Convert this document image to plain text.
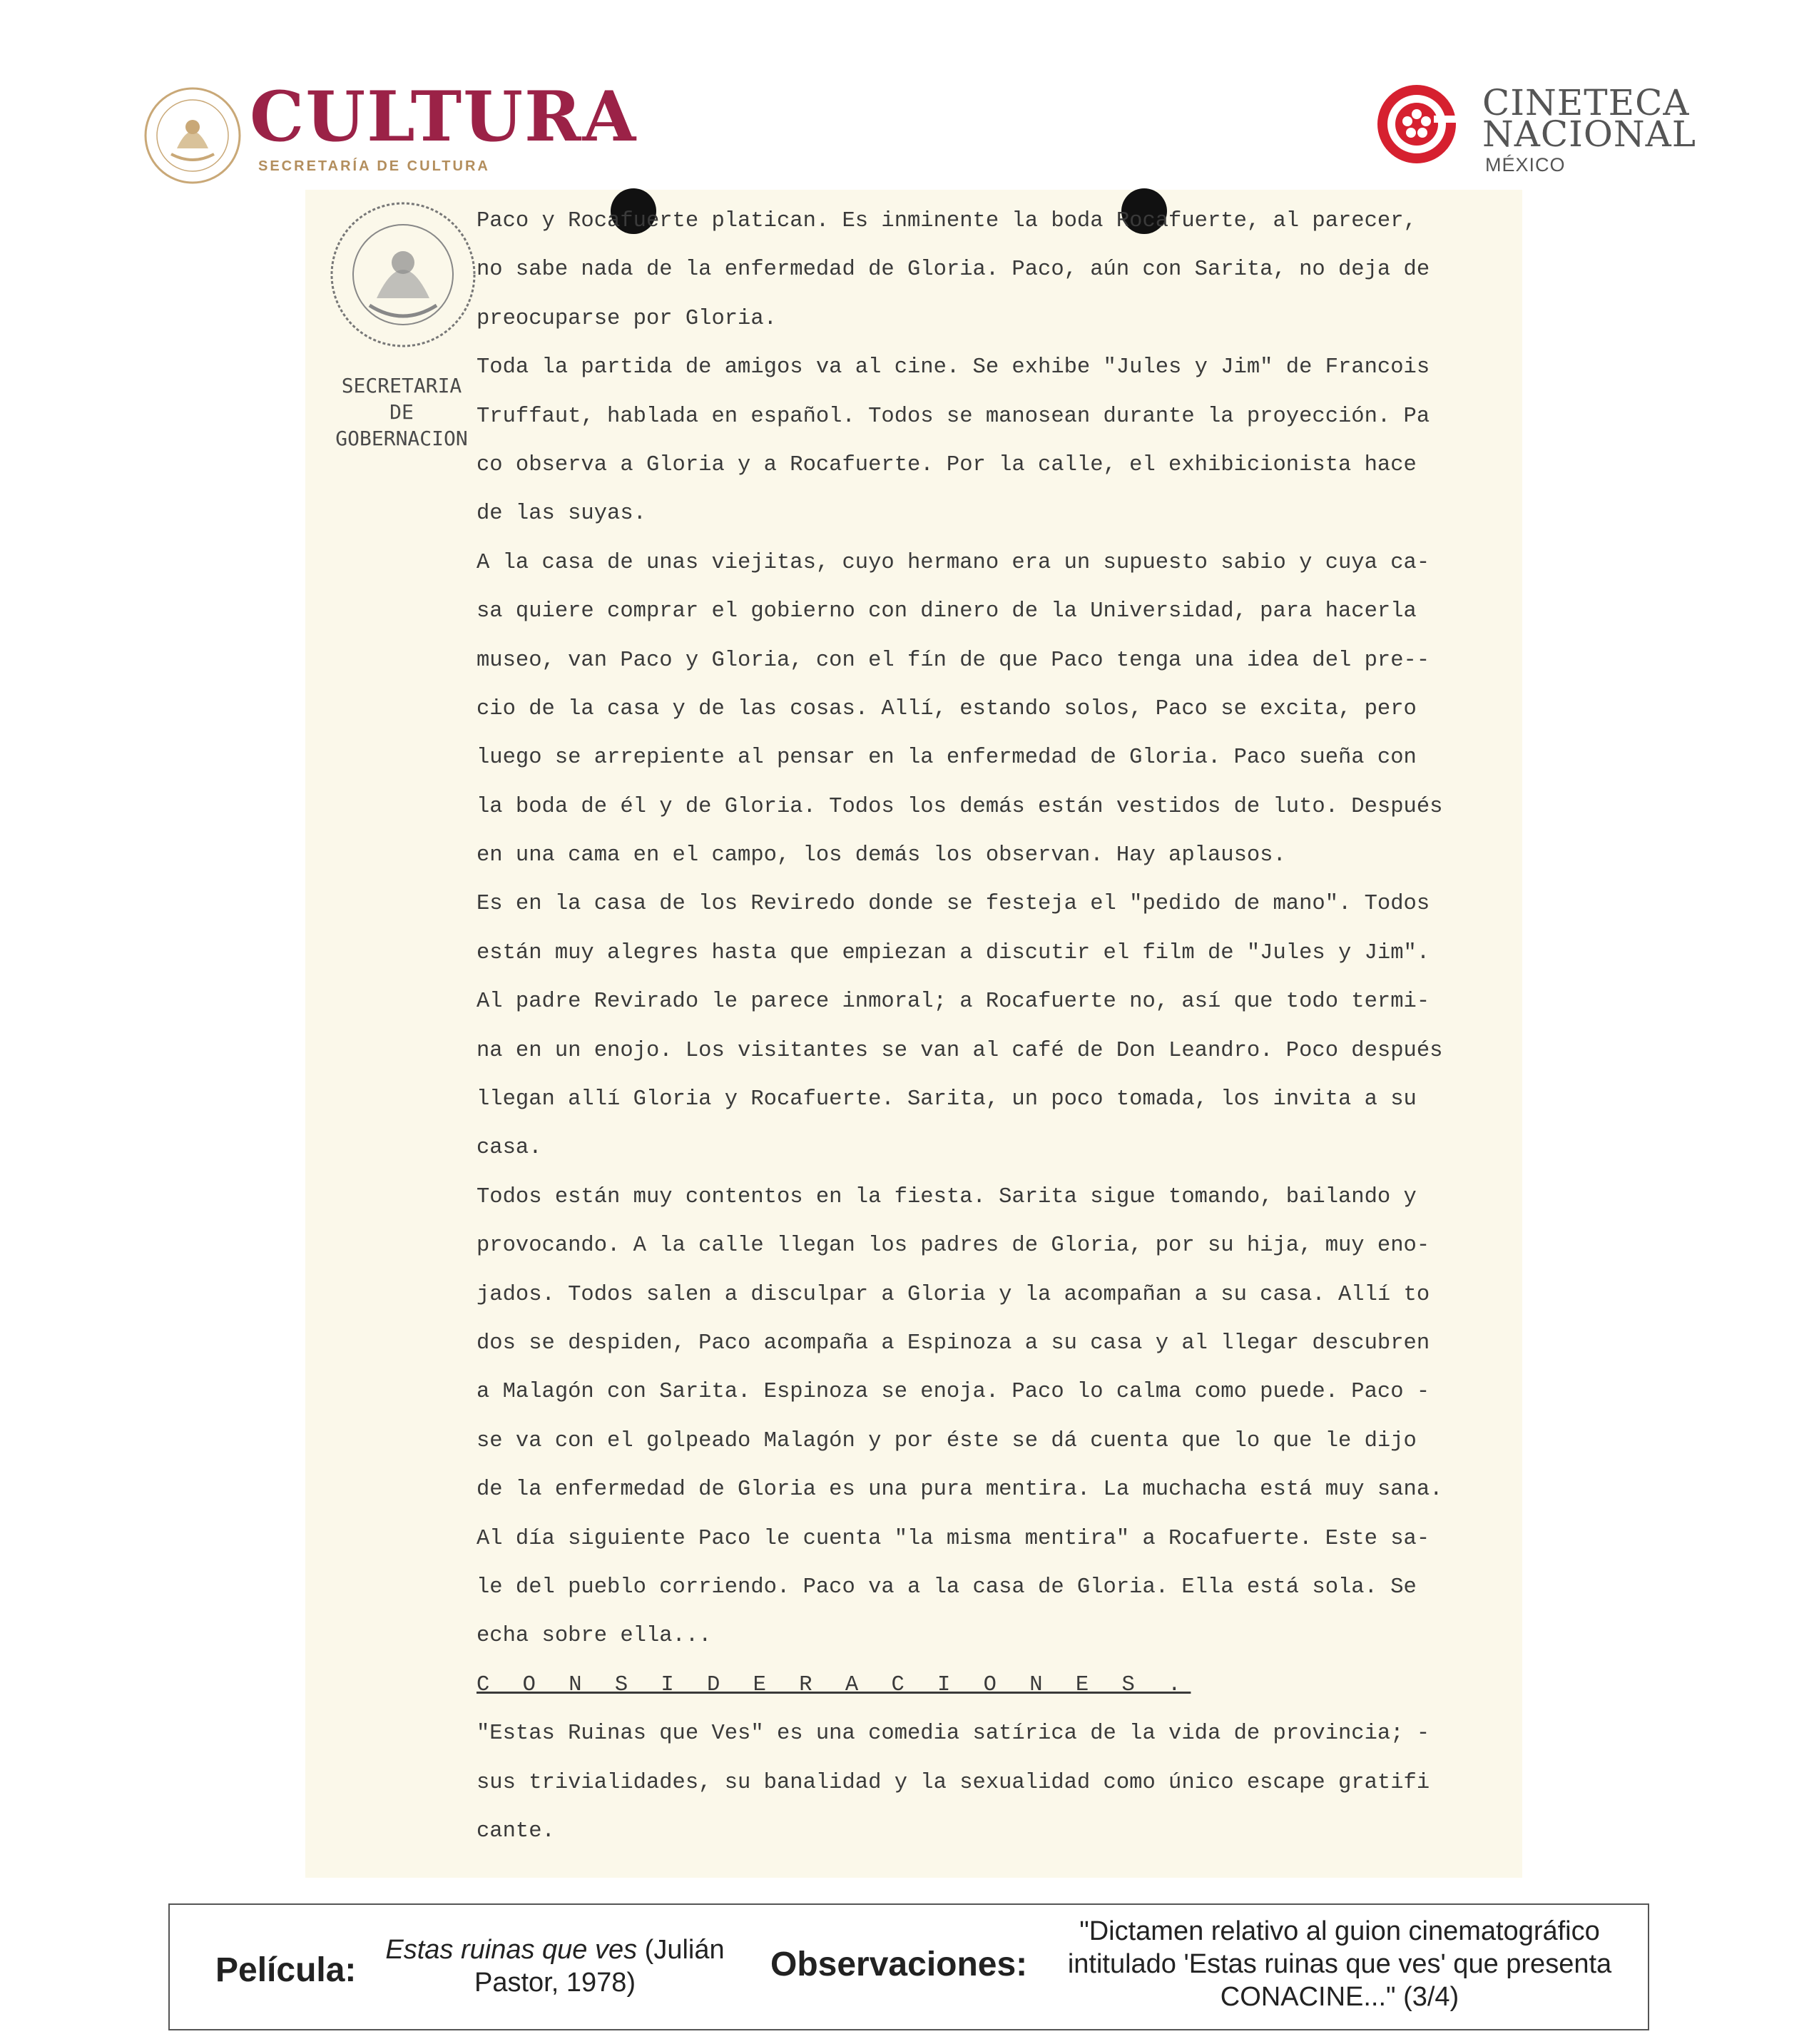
CULTURA
SECRETARÍA DE CULTURA
CINETECA
NACIONAL
MÉXICO
SECRETARIA
DE
GOBERNACION
Paco y Rocafuerte platican. Es inminente la boda Rocafuerte, al parecer,
no sabe nada de la enfermedad de Gloria. Paco, aún con Sarita, no deja de
preocuparse por Gloria.
Toda la partida de amigos va al cine. Se exhibe "Jules y Jim" de Francois
Truffaut, hablada en español. Todos se manosean durante la proyección. Pa
co observa a Gloria y a Rocafuerte. Por la calle, el exhibicionista hace
de las suyas.
A la casa de unas viejitas, cuyo hermano era un supuesto sabio y cuya ca-
sa quiere comprar el gobierno con dinero de la Universidad, para hacerla
museo, van Paco y Gloria, con el fín de que Paco tenga una idea del pre--
cio de la casa y de las cosas. Allí, estando solos, Paco se excita, pero
luego se arrepiente al pensar en la enfermedad de Gloria. Paco sueña con
la boda de él y de Gloria. Todos los demás están vestidos de luto. Después
en una cama en el campo, los demás los observan. Hay aplausos.
Es en la casa de los Reviredo donde se festeja el "pedido de mano". Todos
están muy alegres hasta que empiezan a discutir el film de "Jules y Jim".
Al padre Revirado le parece inmoral; a Rocafuerte no, así que todo termi-
na en un enojo. Los visitantes se van al café de Don Leandro. Poco después
llegan allí Gloria y Rocafuerte. Sarita, un poco tomada, los invita a su
casa.
Todos están muy contentos en la fiesta. Sarita sigue tomando, bailando y
provocando. A la calle llegan los padres de Gloria, por su hija, muy eno-
jados. Todos salen a disculpar a Gloria y la acompañan a su casa. Allí to
dos se despiden, Paco acompaña a Espinoza a su casa y al llegar descubren
a Malagón con Sarita. Espinoza se enoja. Paco lo calma como puede. Paco -
se va con el golpeado Malagón y por éste se dá cuenta que lo que le dijo
de la enfermedad de Gloria es una pura mentira. La muchacha está muy sana.
Al día siguiente Paco le cuenta "la misma mentira" a Rocafuerte. Este sa-
le del pueblo corriendo. Paco va a la casa de Gloria. Ella está sola. Se
echa sobre ella...
C O N S I D E R A C I O N E S .
"Estas Ruinas que Ves" es una comedia satírica de la vida de provincia; -
sus trivialidades, su banalidad y la sexualidad como único escape gratifi
cante.
Película:
Estas ruinas que ves (Julián Pastor, 1978)	Observaciones:
"Dictamen relativo al guion cinematográfico intitulado 'Estas ruinas que ves' que presenta CONACINE..." (3/4)
